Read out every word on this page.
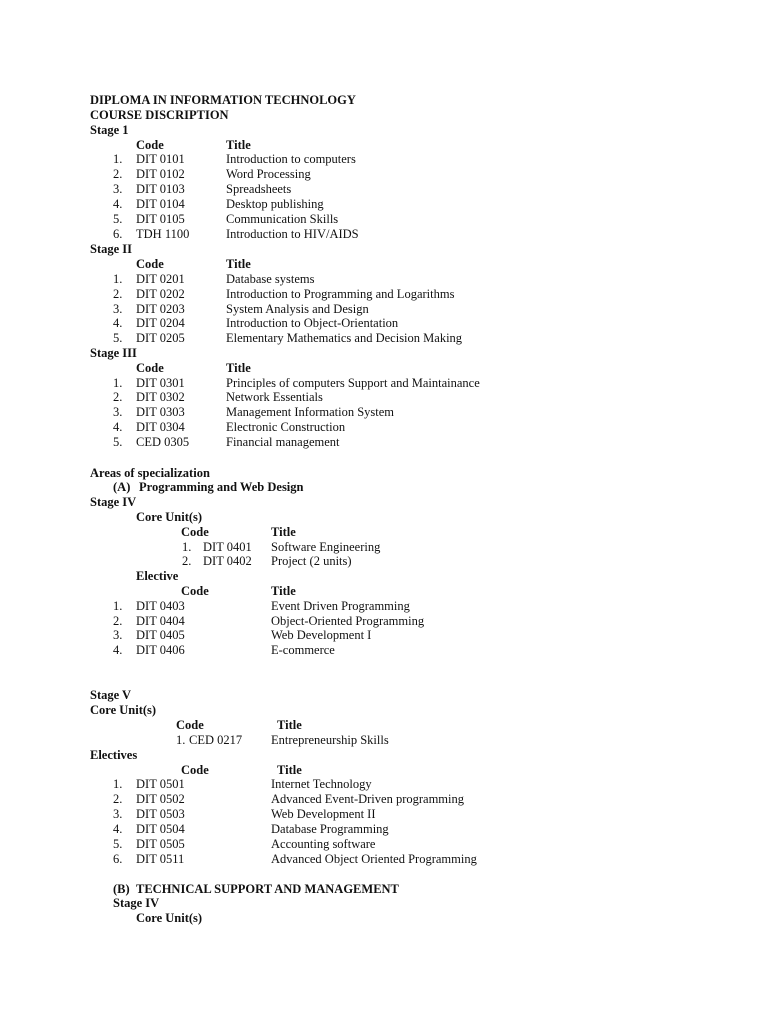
DIPLOMA IN INFORMATION TECHNOLOGY
COURSE DISCRIPTION
Stage 1
Code	Title
1. DIT 0101	Introduction to computers
2. DIT 0102	Word Processing
3. DIT 0103	Spreadsheets
4. DIT 0104	Desktop publishing
5. DIT 0105	Communication Skills
6. TDH 1100	Introduction to HIV/AIDS
Stage II
Code	Title
1. DIT 0201	Database systems
2. DIT 0202	Introduction to Programming and Logarithms
3. DIT 0203	System Analysis and Design
4. DIT 0204	Introduction to Object-Orientation
5. DIT 0205	Elementary Mathematics and Decision Making
Stage III
Code	Title
1. DIT 0301	Principles of computers Support and Maintainance
2. DIT 0302	Network Essentials
3. DIT 0303	Management Information System
4. DIT 0304	Electronic Construction
5. CED 0305	Financial management
Areas of specialization
(A) Programming and Web Design
Stage IV
Core Unit(s)
Code	Title
1. DIT 0401 Software Engineering
2. DIT 0402 Project (2 units)
Elective
Code	Title
1. DIT 0403	Event Driven Programming
2. DIT 0404	Object-Oriented Programming
3. DIT 0405	Web Development I
4. DIT 0406	E-commerce
Stage V
Core Unit(s)
Code	Title
1. CED 0217 Entrepreneurship Skills
Electives
Code	Title
1. DIT 0501	Internet Technology
2. DIT 0502	Advanced Event-Driven programming
3. DIT 0503	Web Development II
4. DIT 0504	Database Programming
5. DIT 0505	Accounting software
6. DIT 0511	Advanced Object Oriented Programming
(B) TECHNICAL SUPPORT AND MANAGEMENT
Stage IV
Core Unit(s)
